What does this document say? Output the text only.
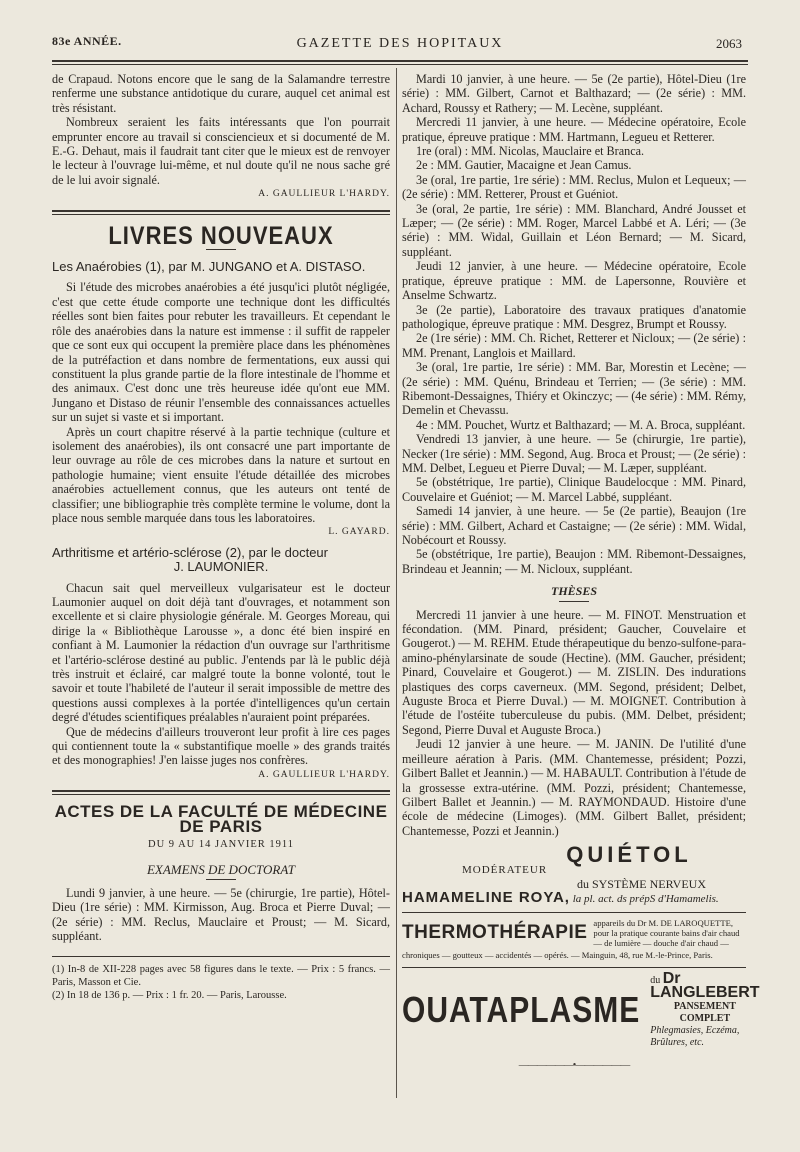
83e ANNÉE.	GAZETTE DES HOPITAUX	2063

de Crapaud. Notons encore que le sang de la Salamandre terrestre renferme une substance antidotique du curare, auquel cet animal est très résistant.

Nombreux seraient les faits intéressants que l'on pourrait emprunter encore au travail si consciencieux et si documenté de M. E.-G. Dehaut, mais il faudrait tant citer que le mieux est de renvoyer le lecteur à l'ouvrage lui-même, et nul doute qu'il ne nous sache gré de le lui avoir signalé.

A. GAULLIEUR L'HARDY.

LIVRES NOUVEAUX
Les Anaérobies (1), par M. JUNGANO et A. DISTASO.

Si l'étude des microbes anaérobies a été jusqu'ici plutôt négligée, c'est que cette étude comporte une technique dont les difficultés réelles sont bien faites pour rebuter les travailleurs. Et cependant le rôle des anaérobies dans la nature est immense : il suffit de rappeler que ce sont eux qui occupent la première place dans les phénomènes de la putréfaction et dans nombre de fermentations, eux aussi qui constituent la plus grande partie de la flore intestinale de l'homme et des animaux. C'est donc une très heureuse idée qu'ont eue MM. Jungano et Distaso de réunir l'ensemble des connaissances actuelles sur un sujet si vaste et si important.

Après un court chapitre réservé à la partie technique (culture et isolement des anaérobies), ils ont consacré une part importante de leur ouvrage au rôle de ces microbes dans la nature et surtout en pathologie humaine; vient ensuite l'étude détaillée des microbes anaérobies actuellement connus, que les auteurs ont tenté de classifier; une bibliographie très complète termine le volume, dont la place nous semble marquée dans tous les laboratoires.

L. GAYARD.

Arthritisme et artério-sclérose (2), par le docteur
J. LAUMONIER.

Chacun sait quel merveilleux vulgarisateur est le docteur Laumonier auquel on doit déjà tant d'ouvrages, et notamment son excellente et si claire physiologie générale. M. Georges Moreau, qui dirige la « Bibliothèque Larousse », a donc été bien inspiré en confiant à M. Laumonier la rédaction d'un ouvrage sur l'arthritisme et l'artério-sclérose destiné au public. J'entends par là le public déjà très instruit et éclairé, car malgré toute la bonne volonté, tout le savoir et toute l'habileté de l'auteur il serait impossible de mettre des questions aussi complexes à la portée d'intelligences qu'un certain degré d'études scientifiques préalables n'auraient point préparées.

Que de médecins d'ailleurs trouveront leur profit à lire ces pages qui contiennent toute la « substantifique moelle » des grands traités et des monographies! J'en laisse juges nos confrères.

A. GAULLIEUR L'HARDY.

ACTES DE LA FACULTÉ DE MÉDECINE DE PARIS
DU 9 AU 14 JANVIER 1911
EXAMENS DE DOCTORAT

Lundi 9 janvier, à une heure. — 5e (chirurgie, 1re partie), Hôtel-Dieu (1re série) : MM. Kirmisson, Aug. Broca et Pierre Duval; — (2e série) : MM. Reclus, Mauclaire et Proust; — M. Sicard, suppléant.

(1) In-8 de XII-228 pages avec 58 figures dans le texte. — Prix : 5 francs. — Paris, Masson et Cie.

(2) In 18 de 136 p. — Prix : 1 fr. 20. — Paris, Larousse.

Mardi 10 janvier, à une heure. — 5e (2e partie), Hôtel-Dieu (1re série) : MM. Gilbert, Carnot et Balthazard; — (2e série) : MM. Achard, Roussy et Rathery; — M. Lecène, suppléant.

Mercredi 11 janvier, à une heure. — Médecine opératoire, Ecole pratique, épreuve pratique : MM. Hartmann, Legueu et Retterer.

1re (oral) : MM. Nicolas, Mauclaire et Branca.

2e : MM. Gautier, Macaigne et Jean Camus.

3e (oral, 1re partie, 1re série) : MM. Reclus, Mulon et Lequeux; — (2e série) : MM. Retterer, Proust et Guéniot.

3e (oral, 2e partie, 1re série) : MM. Blanchard, André Jousset et Læper; — (2e série) : MM. Roger, Marcel Labbé et A. Léri; — (3e série) : MM. Widal, Guillain et Léon Bernard; — M. Sicard, suppléant.

Jeudi 12 janvier, à une heure. — Médecine opératoire, Ecole pratique, épreuve pratique : MM. de Lapersonne, Rouvière et Anselme Schwartz.

3e (2e partie), Laboratoire des travaux pratiques d'anatomie pathologique, épreuve pratique : MM. Desgrez, Brumpt et Roussy.

2e (1re série) : MM. Ch. Richet, Retterer et Nicloux; — (2e série) : MM. Prenant, Langlois et Maillard.

3e (oral, 1re partie, 1re série) : MM. Bar, Morestin et Lecène; — (2e série) : MM. Quénu, Brindeau et Terrien; — (3e série) : MM. Ribemont-Dessaignes, Thiéry et Okinczyc; — (4e série) : MM. Rémy, Demelin et Chevassu.

4e : MM. Pouchet, Wurtz et Balthazard; — M. A. Broca, suppléant.

Vendredi 13 janvier, à une heure. — 5e (chirurgie, 1re partie), Necker (1re série) : MM. Segond, Aug. Broca et Proust; — (2e série) : MM. Delbet, Legueu et Pierre Duval; — M. Læper, suppléant.

5e (obstétrique, 1re partie), Clinique Baudelocque : MM. Pinard, Couvelaire et Guéniot; — M. Marcel Labbé, suppléant.

Samedi 14 janvier, à une heure. — 5e (2e partie), Beaujon (1re série) : MM. Gilbert, Achard et Castaigne; — (2e série) : MM. Widal, Nobécourt et Roussy.

5e (obstétrique, 1re partie), Beaujon : MM. Ribemont-Dessaignes, Brindeau et Jeannin; — M. Nicloux, suppléant.

THÈSES

Mercredi 11 janvier à une heure. — M. FINOT. Menstruation et fécondation. (MM. Pinard, président; Gaucher, Couvelaire et Gougerot.) — M. REHM. Etude thérapeutique du benzo-sulfone-para-amino-phénylarsinate de soude (Hectine). (MM. Gaucher, président; Pinard, Couvelaire et Gougerot.) — M. ZISLIN. Des indurations plastiques des corps caverneux. (MM. Segond, président; Delbet, Auguste Broca et Pierre Duval.) — M. MOIGNET. Contribution à l'étude de l'ostéite tuberculeuse du pubis. (MM. Delbet, président; Segond, Pierre Duval et Auguste Broca.)

Jeudi 12 janvier à une heure. — M. JANIN. De l'utilité d'une meilleure aération à Paris. (MM. Chantemesse, président; Pozzi, Gilbert Ballet et Jeannin.) — M. HABAULT. Contribution à l'étude de la grossesse extra-utérine. (MM. Pozzi, président; Chantemesse, Gilbert Ballet et Jeannin.) — M. RAYMONDAUD. Histoire d'une école de médecine (Limoges). (MM. Gilbert Ballet, président; Chantemesse, Pozzi et Jeannin.)

QUIÉTOL
MODÉRATEUR
du SYSTÈME NERVEUX
HAMAMELINE ROYA, la pl. act. ds prépS d'Hamamelis.
THERMOTHÉRAPIE appareils du Dr M. DE LAROQUETTE, pour la pratique courante bains d'air chaud — de lumière — douche d'air chaud —
chroniques — goutteux — accidentés — opérés. — Mainguin, 48, rue M.-le-Prince, Paris.
OUATAPLASME
du Dr LANGLEBERT
PANSEMENT COMPLET
Phlegmasies, Eczéma, Brûlures, etc.
——————•——————
